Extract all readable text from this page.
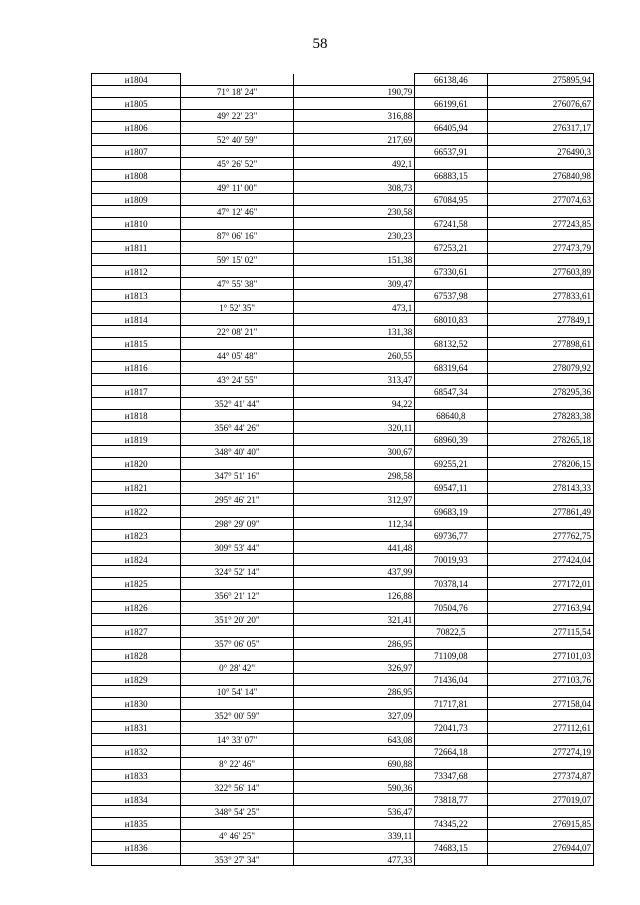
58
н1804			66138,46	275895,94
	71° 18' 24"	190,79		
н1805			66199,61	276076,67
	49° 22' 23"	316,88		
н1806			66405,94	276317,17
	52° 40' 59"	217,69		
н1807			66537,91	276490,3
	45° 26' 52"	492,1		
н1808			66883,15	276840,98
	49° 11' 00"	308,73		
н1809			67084,95	277074,63
	47° 12' 46"	230,58		
н1810			67241,58	277243,85
	87° 06' 16"	230,23		
н1811			67253,21	277473,79
	59° 15' 02"	151,38		
н1812			67330,61	277603,89
	47° 55' 38"	309,47		
н1813			67537,98	277833,61
	1° 52' 35"	473,1		
н1814			68010,83	277849,1
	22° 08' 21"	131,38		
н1815			68132,52	277898,61
	44° 05' 48"	260,55		
н1816			68319,64	278079,92
	43° 24' 55"	313,47		
н1817			68547,34	278295,36
	352° 41' 44"	94,22		
н1818			68640,8	278283,38
	356° 44' 26"	320,11		
н1819			68960,39	278265,18
	348° 40' 40"	300,67		
н1820			69255,21	278206,15
	347° 51' 16"	298,58		
н1821			69547,11	278143,33
	295° 46' 21"	312,97		
н1822			69683,19	277861,49
	298° 29' 09"	112,34		
н1823			69736,77	277762,75
	309° 53' 44"	441,48		
н1824			70019,93	277424,04
	324° 52' 14"	437,99		
н1825			70378,14	277172,01
	356° 21' 12"	126,88		
н1826			70504,76	277163,94
	351° 20' 20"	321,41		
н1827			70822,5	277115,54
	357° 06' 05"	286,95		
н1828			71109,08	277101,03
	0° 28' 42"	326,97		
н1829			71436,04	277103,76
	10° 54' 14"	286,95		
н1830			71717,81	277158,04
	352° 00' 59"	327,09		
н1831			72041,73	277112,61
	14° 33' 07"	643,08		
н1832			72664,18	277274,19
	8° 22' 46"	690,88		
н1833			73347,68	277374,87
	322° 56' 14"	590,36		
н1834			73818,77	277019,07
	348° 54' 25"	536,47		
н1835			74345,22	276915,85
	4° 46' 25"	339,11		
н1836			74683,15	276944,07
	353° 27' 34"	477,33		
